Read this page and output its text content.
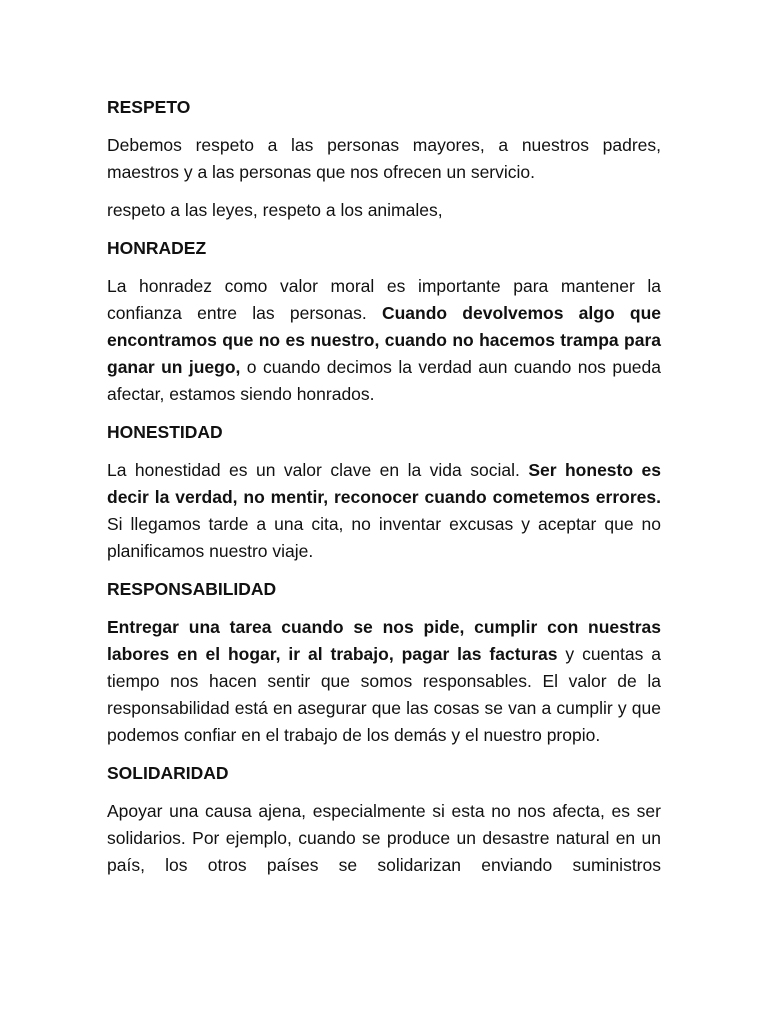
RESPETO

Debemos respeto a las personas mayores, a nuestros padres, maestros y a las personas que nos ofrecen un servicio.

respeto a las leyes, respeto a los animales,

HONRADEZ

La honradez como valor moral es importante para mantener la confianza entre las personas. Cuando devolvemos algo que encontramos que no es nuestro, cuando no hacemos trampa para ganar un juego, o cuando decimos la verdad aun cuando nos pueda afectar, estamos siendo honrados.

HONESTIDAD

La honestidad es un valor clave en la vida social. Ser honesto es decir la verdad, no mentir, reconocer cuando cometemos errores. Si llegamos tarde a una cita, no inventar excusas y aceptar que no planificamos nuestro viaje.

RESPONSABILIDAD

Entregar una tarea cuando se nos pide, cumplir con nuestras labores en el hogar, ir al trabajo, pagar las facturas y cuentas a tiempo nos hacen sentir que somos responsables. El valor de la responsabilidad está en asegurar que las cosas se van a cumplir y que podemos confiar en el trabajo de los demás y el nuestro propio.

SOLIDARIDAD

Apoyar una causa ajena, especialmente si esta no nos afecta, es ser solidarios. Por ejemplo, cuando se produce un desastre natural en un país, los otros países se solidarizan enviando suministros
